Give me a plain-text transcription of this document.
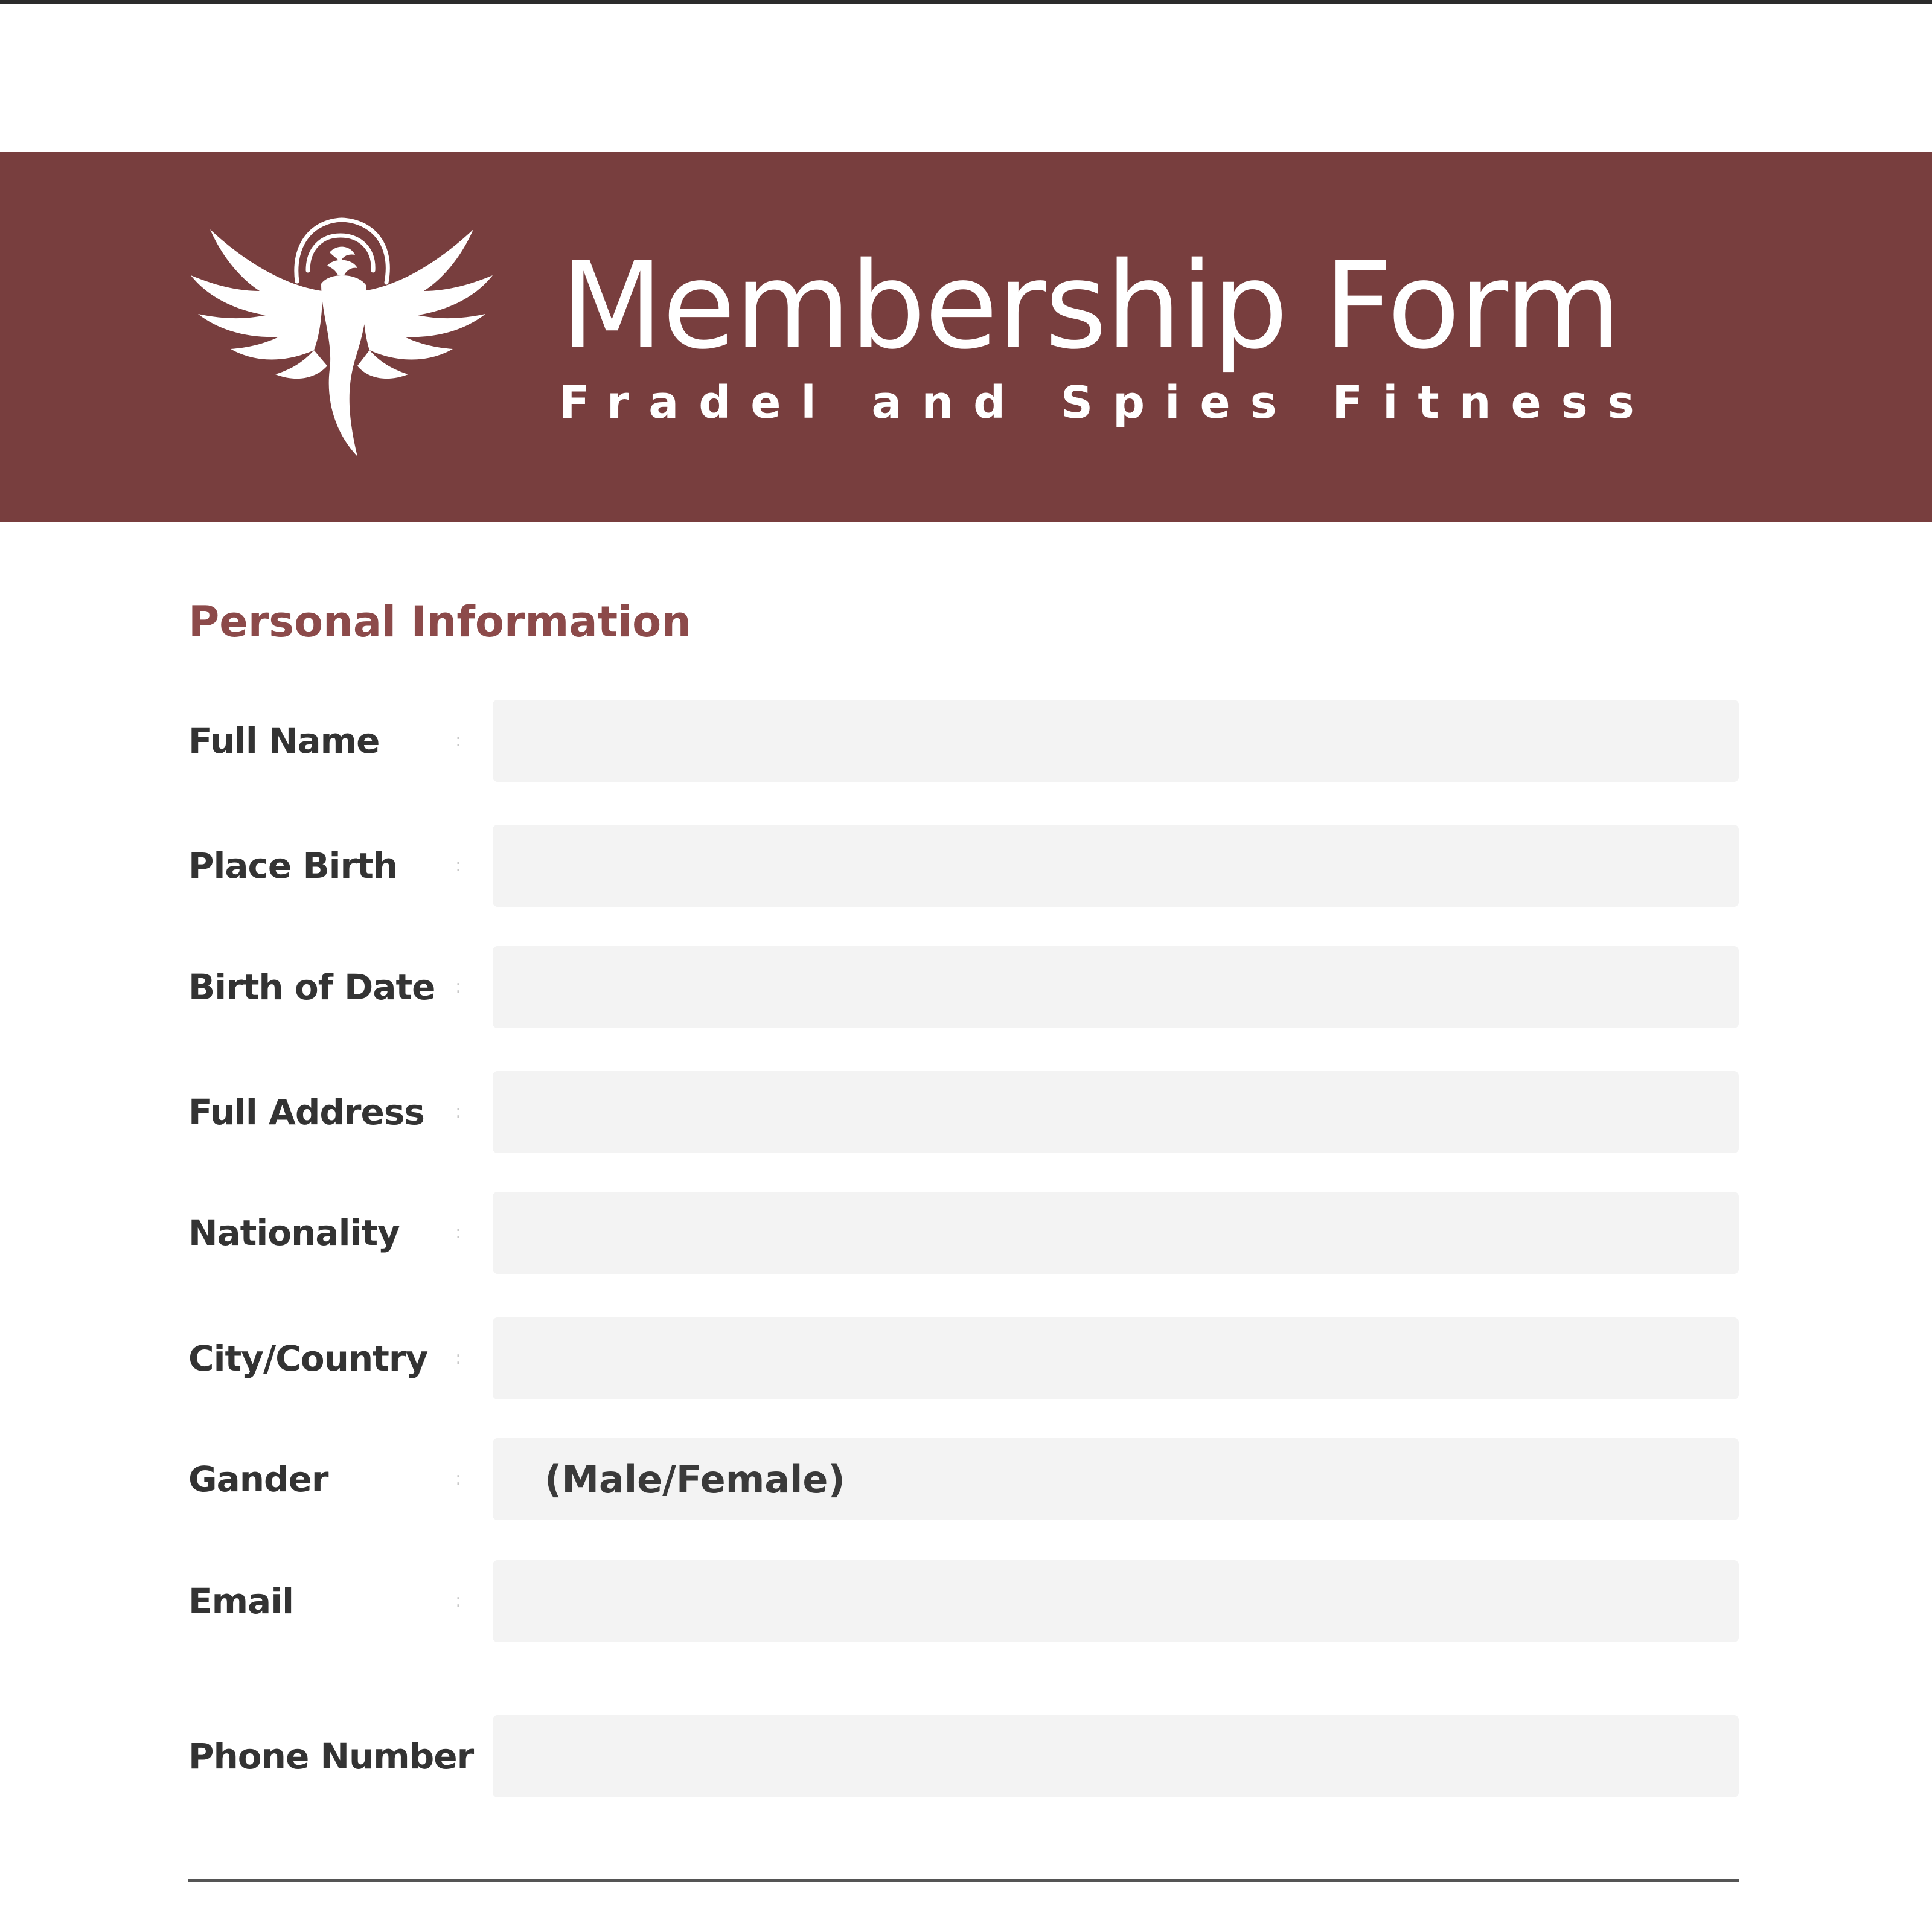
Membership Form
Fradel and Spies Fitness
Personal Information
Full Name	:
Place Birth	:
Birth of Date :
Full Address :
Nationality	:
City/Country :
Gander	:
(Male/Female)
Email	:
Phone Number
